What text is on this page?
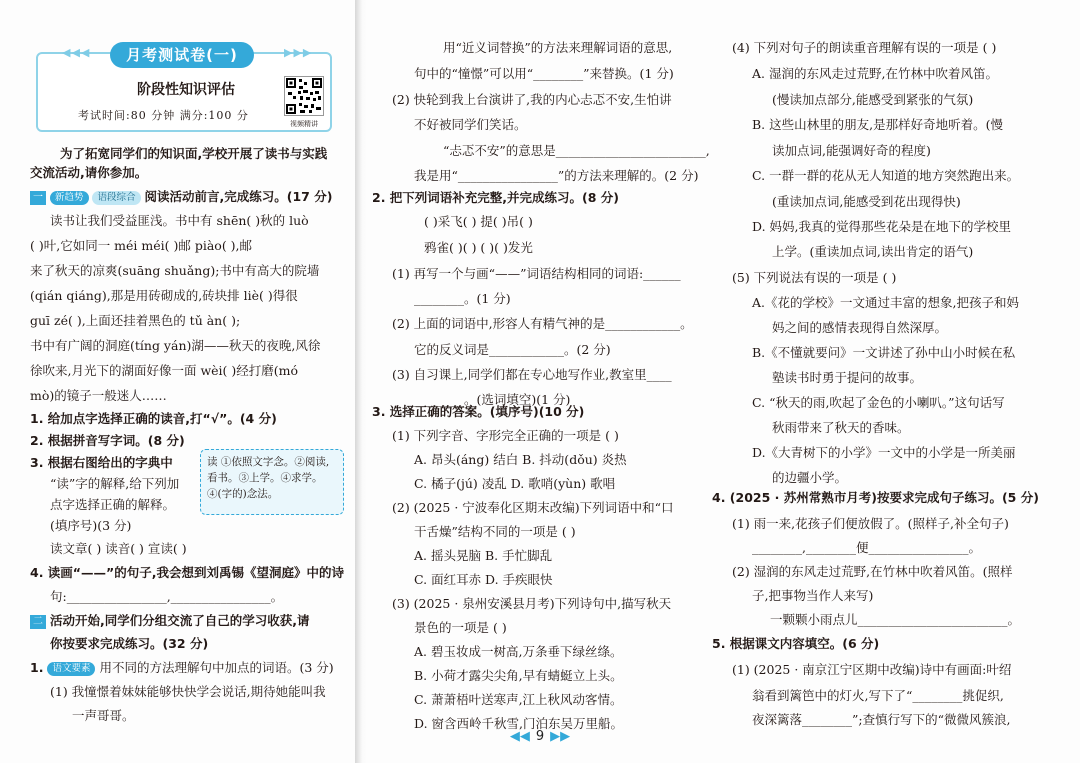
◀◀◀	▶▶▶
月考测试卷(一)
阶段性知识评估
考试时间:80 分钟 满分:100 分
视频精讲
为了拓宽同学们的知识面,学校开展了读书与实践
交流活动,请你参加。
一 新趋势 语段综合 阅读活动前言,完成练习。(17 分)
读书让我们受益匪浅。书中有 shēn( )秋的 luò
( )叶,它如同一 méi méi( )邮 piào( ),邮
来了秋天的凉爽(suāng shuǎng);书中有高大的院墙
(qián qiáng),那是用砖砌成的,砖块排 liè( )得很
guī zé( ),上面还挂着黑色的 tǔ àn( );
书中有广阔的洞庭(tíng yán)湖——秋天的夜晚,风徐
徐吹来,月光下的湖面好像一面 wèi( )经打磨(mó
mò)的镜子一般迷人……
1. 给加点字选择正确的读音,打“√”。(4 分)
2. 根据拼音写字词。(8 分)
3. 根据右图给出的字典中
“读”字的解释,给下列加
点字选择正确的解释。
(填序号)(3 分)
读 ①依照文字念。②阅读,看书。③上学。④求学。④(字的)念法。
读文章( ) 读音( ) 宣读( )
4. 读画“——”的句子,我会想到刘禹锡《望洞庭》中的诗
句:________________,________________。
二 活动开始,同学们分组交流了自己的学习收获,请
你按要求完成练习。(32 分)
1. 语文要素 用不同的方法理解句中加点的词语。(3 分)
(1) 我憧憬着妹妹能够快快学会说话,期待她能叫我
一声哥哥。
用“近义词替换”的方法来理解词语的意思,
句中的“憧憬”可以用“________”来替换。(1 分)
(2) 快轮到我上台演讲了,我的内心忐忑不安,生怕讲
不好被同学们笑话。
“忐忑不安”的意思是________________________,
我是用“________________”的方法来理解的。(2 分)
2. 把下列词语补充完整,并完成练习。(8 分)
( )采飞( ) 提( )吊( )
鸦雀( )( ) ( )( )发光
(1) 再写一个与画“——”词语结构相同的词语:______
________。(1 分)
(2) 上面的词语中,形容人有精气神的是____________。
它的反义词是____________。(2 分)
(3) 自习课上,同学们都在专心地写作业,教室里____
________。(选词填空)(1 分)
3. 选择正确的答案。(填序号)(10 分)
(1) 下列字音、字形完全正确的一项是 ( )
A. 昂头(áng) 结白 B. 抖动(dǒu) 炎热
C. 橘子(jú) 凌乱 D. 歌哨(yùn) 歌唱
(2) (2025 · 宁波奉化区期末改编)下列词语中和“口
干舌燥”结构不同的一项是 ( )
A. 摇头晃脑 B. 手忙脚乱
C. 面红耳赤 D. 手疾眼快
(3) (2025 · 泉州安溪县月考)下列诗句中,描写秋天
景色的一项是 ( )
A. 碧玉妆成一树高,万条垂下绿丝绦。
B. 小荷才露尖尖角,早有蜻蜓立上头。
C. 萧萧梧叶送寒声,江上秋风动客情。
D. 窗含西岭千秋雪,门泊东吴万里船。
(4) 下列对句子的朗读重音理解有误的一项是 ( )
A. 湿润的东风走过荒野,在竹林中吹着风笛。
(慢读加点部分,能感受到紧张的气氛)
B. 这些山林里的朋友,是那样好奇地听着。(慢
读加点词,能强调好奇的程度)
C. 一群一群的花从无人知道的地方突然跑出来。
(重读加点词,能感受到花出现得快)
D. 妈妈,我真的觉得那些花朵是在地下的学校里
上学。(重读加点词,读出肯定的语气)
(5) 下列说法有误的一项是 ( )
A.《花的学校》一文通过丰富的想象,把孩子和妈
妈之间的感情表现得自然深厚。
B.《不懂就要问》一文讲述了孙中山小时候在私
塾读书时勇于提问的故事。
C. “秋天的雨,吹起了金色的小喇叭。”这句话写
秋雨带来了秋天的香味。
D.《大青树下的小学》一文中的小学是一所美丽
的边疆小学。
4. (2025 · 苏州常熟市月考)按要求完成句子练习。(5 分)
(1) 雨一来,花孩子们便放假了。(照样子,补全句子)
________,________便________________。
(2) 湿润的东风走过荒野,在竹林中吹着风笛。(照样
子,把事物当作人来写)
一颗颗小雨点儿________________________。
5. 根据课文内容填空。(6 分)
(1) (2025 · 南京江宁区期中改编)诗中有画面:叶绍
翁看到篱笆中的灯火,写下了“________挑促织,
夜深篱落________”;查慎行写下的“微微风簇浪,
◀◀ 9 ▶▶
